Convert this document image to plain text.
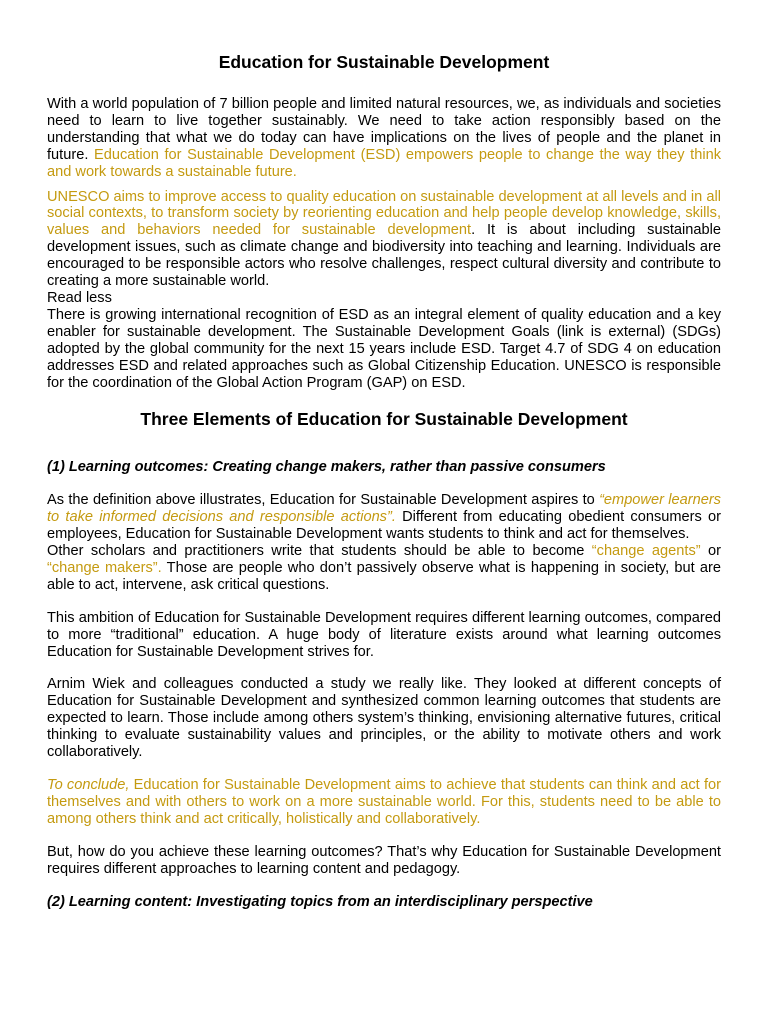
Education for Sustainable Development

With a world population of 7 billion people and limited natural resources, we, as individuals and societies need to learn to live together sustainably. We need to take action responsibly based on the understanding that what we do today can have implications on the lives of people and the planet in future. Education for Sustainable Development (ESD) empowers people to change the way they think and work towards a sustainable future.

UNESCO aims to improve access to quality education on sustainable development at all levels and in all social contexts, to transform society by reorienting education and help people develop knowledge, skills, values and behaviors needed for sustainable development. It is about including sustainable development issues, such as climate change and biodiversity into teaching and learning. Individuals are encouraged to be responsible actors who resolve challenges, respect cultural diversity and contribute to creating a more sustainable world.

Read less

There is growing international recognition of ESD as an integral element of quality education and a key enabler for sustainable development. The Sustainable Development Goals (link is external) (SDGs) adopted by the global community for the next 15 years include ESD. Target 4.7 of SDG 4 on education addresses ESD and related approaches such as Global Citizenship Education. UNESCO is responsible for the coordination of the Global Action Program (GAP) on ESD.

Three Elements of Education for Sustainable Development

(1) Learning outcomes: Creating change makers, rather than passive consumers

As the definition above illustrates, Education for Sustainable Development aspires to “empower learners to take informed decisions and responsible actions”. Different from educating obedient consumers or employees, Education for Sustainable Development wants students to think and act for themselves.

Other scholars and practitioners write that students should be able to become “change agents” or “change makers”. Those are people who don’t passively observe what is happening in society, but are able to act, intervene, ask critical questions.

This ambition of Education for Sustainable Development requires different learning outcomes, compared to more “traditional” education. A huge body of literature exists around what learning outcomes Education for Sustainable Development strives for.

Arnim Wiek and colleagues conducted a study we really like. They looked at different concepts of Education for Sustainable Development and synthesized common learning outcomes that students are expected to learn. Those include among others system’s thinking, envisioning alternative futures, critical thinking to evaluate sustainability values and principles, or the ability to motivate others and work collaboratively.

To conclude, Education for Sustainable Development aims to achieve that students can think and act for themselves and with others to work on a more sustainable world. For this, students need to be able to among others think and act critically, holistically and collaboratively.

But, how do you achieve these learning outcomes? That’s why Education for Sustainable Development requires different approaches to learning content and pedagogy.

(2) Learning content: Investigating topics from an interdisciplinary perspective
